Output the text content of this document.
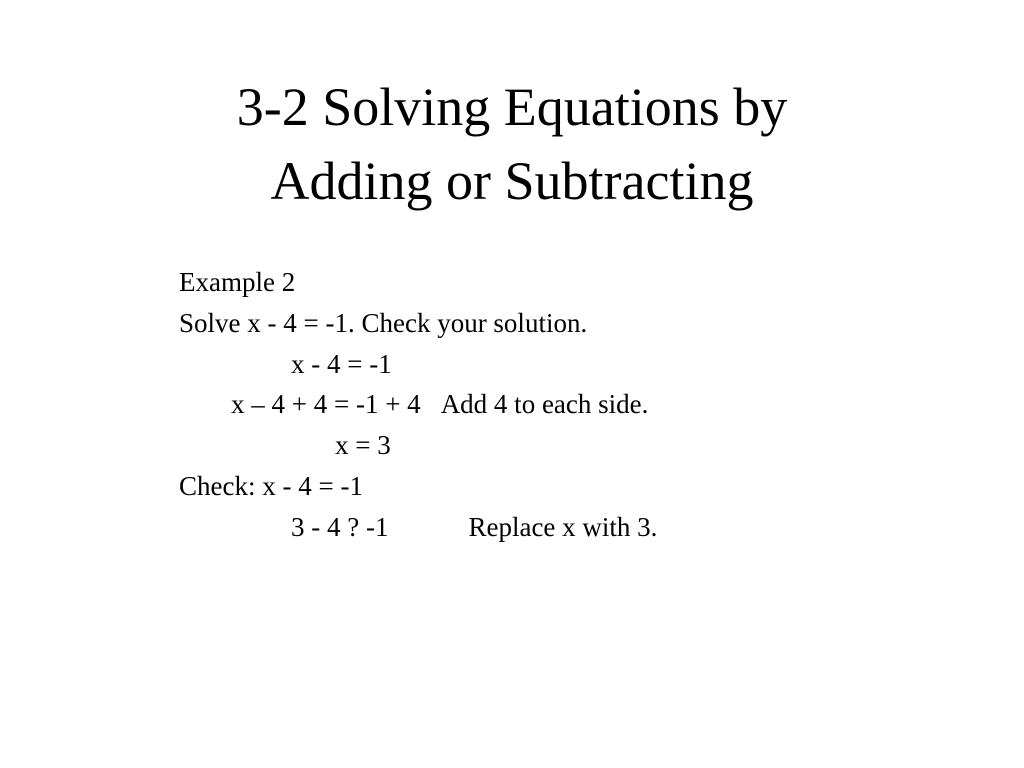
3-2 Solving Equations by
Adding or Subtracting
Example 2
Solve x - 4 = -1. Check your solution.
x - 4 = -1
x – 4 + 4 = -1 + 4 Add 4 to each side.
x = 3
Check: x - 4 = -1
3 - 4 ? -1	Replace x with 3.
